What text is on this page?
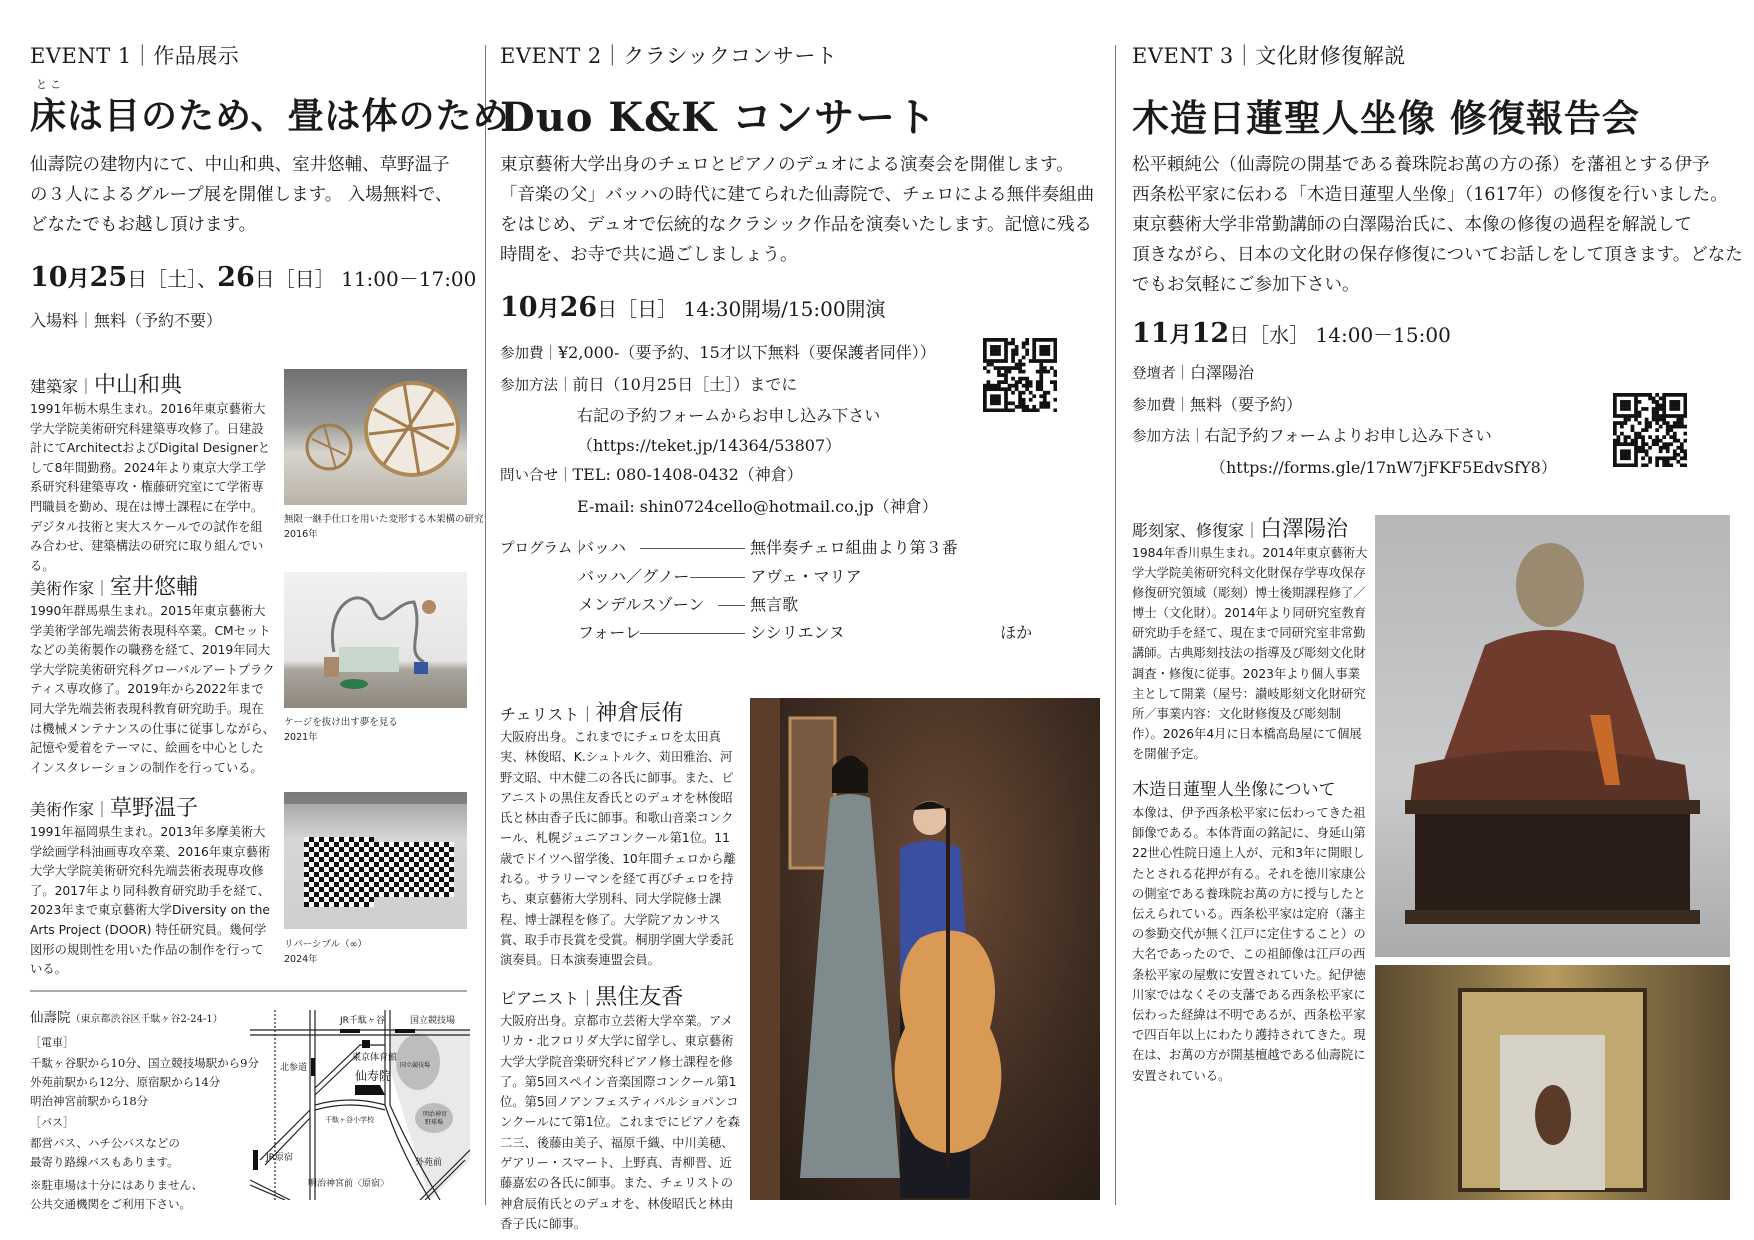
EVENT 1｜作品展示
とこ
床は目のため、畳は体のため
仙壽院の建物内にて、中山和典、室井悠輔、草野温子
の３人によるグループ展を開催します。 入場無料で、
どなたでもお越し頂けます。
10月25日［土］、26日［日］ 11:00－17:00
入場料｜無料（予約不要）
建築家｜中山和典
1991年栃木県生まれ。2016年東京藝術大学大学院美術研究科建築専攻修了。日建設計にてArchitectおよびDigital Designerとして8年間勤務。2024年より東京大学工学系研究科建築専攻・権藤研究室にて学術専門職員を勤め、現在は博士課程に在学中。デジタル技術と実大スケールでの試作を組み合わせ、建築構法の研究に取り組んでいる。
無限一継手仕口を用いた変形する木架構の研究
2016年
美術作家｜室井悠輔
1990年群馬県生まれ。2015年東京藝術大学美術学部先端芸術表現科卒業。CMセットなどの美術製作の職務を経て、2019年同大学大学院美術研究科グローバルアートプラクティス専攻修了。2019年から2022年まで同大学先端芸術表現科教育研究助手。現在は機械メンテナンスの仕事に従事しながら、記憶や愛着をテーマに、絵画を中心としたインスタレーションの制作を行っている。
ケージを抜け出す夢を見る
2021年
美術作家｜草野温子
1991年福岡県生まれ。2013年多摩美術大学絵画学科油画専攻卒業、2016年東京藝術大学大学院美術研究科先端芸術表現専攻修了。2017年より同科教育研究助手を経て、2023年まで東京藝術大学Diversity on the Arts Project (DOOR) 特任研究員。幾何学図形の規則性を用いた作品の制作を行っている。
リバーシブル（∞）
2024年
仙壽院（東京都渋谷区千駄ヶ谷2-24-1）
［電車］
千駄ヶ谷駅から10分、国立競技場駅から9分
外苑前駅から12分、原宿駅から14分
明治神宮前駅から18分
［バス］
都営バス、ハチ公バスなどの
最寄り路線バスもあります。
※駐車場は十分にはありません、
公共交通機関をご利用下さい。
JR千駄ヶ谷	国立競技場
東京体育館
北参道
仙寿院
国立競技場
千駄ヶ谷小学校
明治神宮
野球場
JR原宿	外苑前
明治神宮前〈原宿〉
EVENT 2｜クラシックコンサート
Duo K&K コンサート
東京藝術大学出身のチェロとピアノのデュオによる演奏会を開催します。
「音楽の父」バッハの時代に建てられた仙壽院で、チェロによる無伴奏組曲
をはじめ、デュオで伝統的なクラシック作品を演奏いたします。記憶に残る
時間を、お寺で共に過ごしましょう。
10月26日［日］ 14:30開場/15:00開演
参加費｜¥2,000-（要予約、15才以下無料（要保護者同伴））
参加方法｜前日（10月25日［土］）までに
右記の予約フォームからお申し込み下さい
（https://teket.jp/14364/53807）
問い合せ｜TEL: 080-1408-0432（神倉）
E-mail: shin0724cello@hotmail.co.jp（神倉）
プログラム｜バッハ	無伴奏チェロ組曲より第３番
バッハ／グノー	アヴェ・マリア
メンデルスゾーン	無言歌
フォーレ	シシリエンヌ	ほか
チェリスト｜神倉辰侑
大阪府出身。これまでにチェロを太田真実、林俊昭、K.シュトルク、苅田雅治、河野文昭、中木健二の各氏に師事。また、ピアニストの黒住友香氏とのデュオを林俊昭氏と林由香子氏に師事。和歌山音楽コンクール、札幌ジュニアコンクール第1位。11歳でドイツへ留学後、10年間チェロから離れる。サラリーマンを経て再びチェロを持ち、東京藝術大学別科、同大学院修士課程、博士課程を修了。大学院アカンサス賞、取手市長賞を受賞。桐朋学園大学委託演奏員。日本演奏連盟会員。
ピアニスト｜黒住友香
大阪府出身。京都市立芸術大学卒業。アメリカ・北フロリダ大学に留学し、東京藝術大学大学院音楽研究科ピアノ修士課程を修了。第5回スペイン音楽国際コンクール第1位。第5回ノアンフェスティバルショパンコンクールにて第1位。これまでにピアノを森二三、後藤由美子、福原千織、中川美穂、ゲアリー・スマート、上野真、青柳晋、近藤嘉宏の各氏に師事。また、チェリストの神倉辰侑氏とのデュオを、林俊昭氏と林由香子氏に師事。
EVENT 3｜文化財修復解説
木造日蓮聖人坐像 修復報告会
松平頼純公（仙壽院の開基である養珠院お萬の方の孫）を藩祖とする伊予
西条松平家に伝わる「木造日蓮聖人坐像」（1617年）の修復を行いました。
東京藝術大学非常勤講師の白澤陽治氏に、本像の修復の過程を解説して
頂きながら、日本の文化財の保存修復についてお話しをして頂きます。どなた
でもお気軽にご参加下さい。
11月12日［水］ 14:00－15:00
登壇者｜白澤陽治
参加費｜無料（要予約）
参加方法｜右記予約フォームよりお申し込み下さい
（https://forms.gle/17nW7jFKF5EdvSfY8）
彫刻家、修復家｜白澤陽治
1984年香川県生まれ。2014年東京藝術大学大学院美術研究科文化財保存学専攻保存修復研究領域（彫刻）博士後期課程修了／博士（文化財）。2014年より同研究室教育研究助手を経て、現在まで同研究室非常勤講師。古典彫刻技法の指導及び彫刻文化財調査・修復に従事。2023年より個人事業主として開業（屋号：讃岐彫刻文化財研究所／事業内容：文化財修復及び彫刻制作）。2026年4月に日本橋高島屋にて個展を開催予定。
木造日蓮聖人坐像について
本像は、伊予西条松平家に伝わってきた祖師像である。本体背面の銘記に、身延山第22世心性院日遠上人が、元和3年に開眼したとされる花押が有る。それを徳川家康公の側室である養珠院お萬の方に授与したと伝えられている。西条松平家は定府（藩主の参勤交代が無く江戸に定住すること）の大名であったので、この祖師像は江戸の西条松平家の屋敷に安置されていた。紀伊徳川家ではなくその支藩である西条松平家に伝わった経緯は不明であるが、西条松平家で四百年以上にわたり護持されてきた。現在は、お萬の方が開基檀越である仙壽院に安置されている。
